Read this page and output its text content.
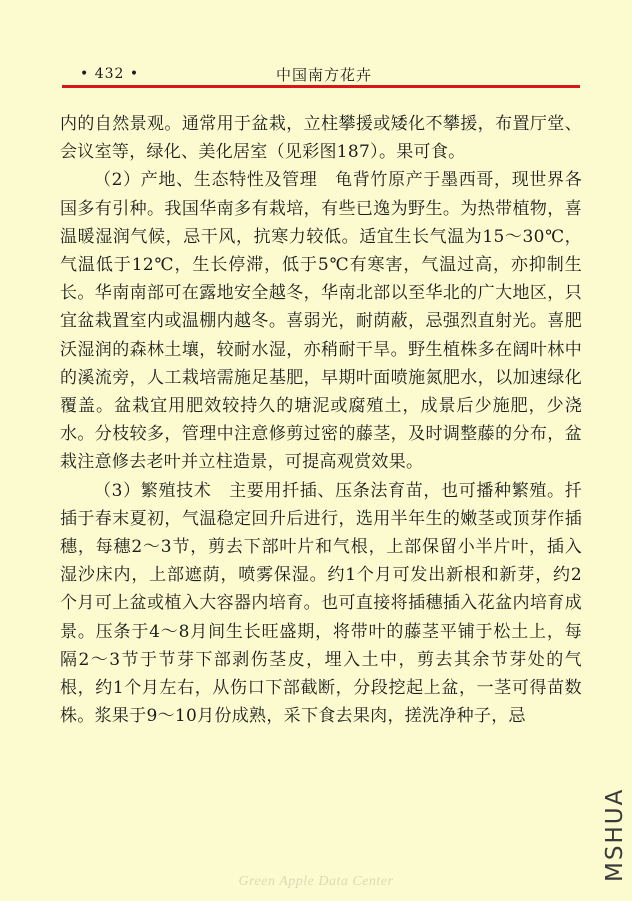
• 432 •	中国南方花卉

内的自然景观。通常用于盆栽，立柱攀援或矮化不攀援，布置厅堂、会议室等，绿化、美化居室（见彩图187）。果可食。

（2）产地、生态特性及管理　龟背竹原产于墨西哥，现世界各国多有引种。我国华南多有栽培，有些已逸为野生。为热带植物，喜温暖湿润气候，忌干风，抗寒力较低。适宜生长气温为15～30℃，气温低于12℃，生长停滞，低于5℃有寒害，气温过高，亦抑制生长。华南南部可在露地安全越冬，华南北部以至华北的广大地区，只宜盆栽置室内或温棚内越冬。喜弱光，耐荫蔽，忌强烈直射光。喜肥沃湿润的森林土壤，较耐水湿，亦稍耐干旱。野生植株多在阔叶林中的溪流旁，人工栽培需施足基肥，早期叶面喷施氮肥水，以加速绿化覆盖。盆栽宜用肥效较持久的塘泥或腐殖土，成景后少施肥，少浇水。分枝较多，管理中注意修剪过密的藤茎，及时调整藤的分布，盆栽注意修去老叶并立柱造景，可提高观赏效果。

（3）繁殖技术　主要用扦插、压条法育苗，也可播种繁殖。扦插于春末夏初，气温稳定回升后进行，选用半年生的嫩茎或顶芽作插穗，每穗2～3节，剪去下部叶片和气根，上部保留小半片叶，插入湿沙床内，上部遮荫，喷雾保湿。约1个月可发出新根和新芽，约2个月可上盆或植入大容器内培育。也可直接将插穗插入花盆内培育成景。压条于4～8月间生长旺盛期，将带叶的藤茎平铺于松土上，每隔2～3节于节芽下部剥伤茎皮，埋入土中，剪去其余节芽处的气根，约1个月左右，从伤口下部截断，分段挖起上盆，一茎可得苗数株。浆果于9～10月份成熟，采下食去果肉，搓洗净种子，忌

MSHUA
Green Apple Data Center
